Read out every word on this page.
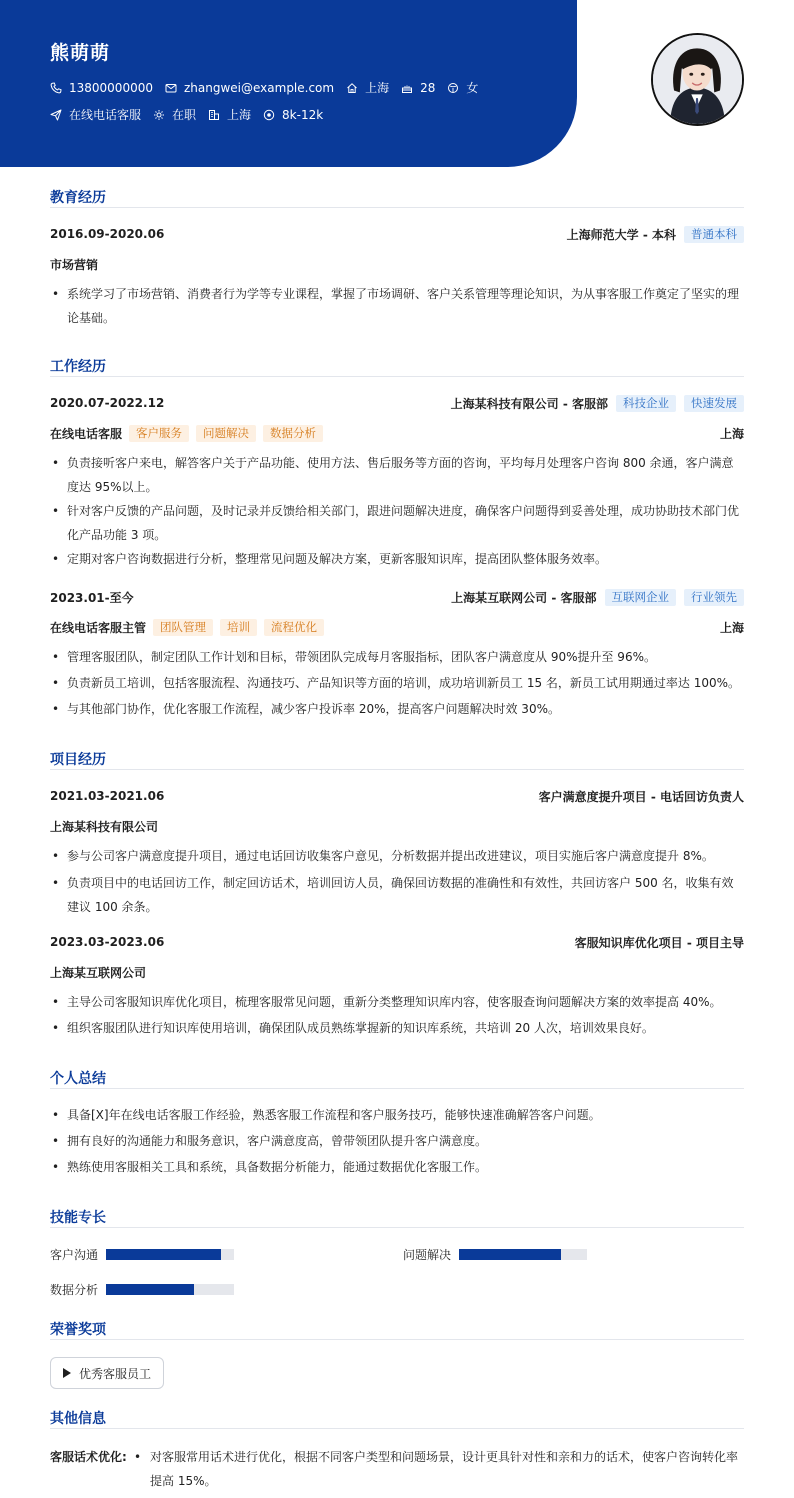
熊萌萌
13800000000	zhangwei@example.com	上海	28	女
在线电话客服	在职	上海	8k-12k
教育经历
2016.09-2020.06	上海师范大学 - 本科	普通本科
市场营销
• 系统学习了市场营销、消费者行为学等专业课程，掌握了市场调研、客户关系管理等理论知识，为从事客服工作奠定了坚实的理论基础。
工作经历
2020.07-2022.12	上海某科技有限公司 - 客服部	科技企业	快速发展
在线电话客服	客户服务	问题解决	数据分析	上海
• 负责接听客户来电，解答客户关于产品功能、使用方法、售后服务等方面的咨询，平均每月处理客户咨询 800 余通，客户满意度达 95%以上。
• 针对客户反馈的产品问题，及时记录并反馈给相关部门，跟进问题解决进度，确保客户问题得到妥善处理，成功协助技术部门优化产品功能 3 项。
• 定期对客户咨询数据进行分析，整理常见问题及解决方案，更新客服知识库，提高团队整体服务效率。
2023.01-至今	上海某互联网公司 - 客服部	互联网企业	行业领先
在线电话客服主管	团队管理	培训	流程优化	上海
• 管理客服团队，制定团队工作计划和目标，带领团队完成每月客服指标，团队客户满意度从 90%提升至 96%。
• 负责新员工培训，包括客服流程、沟通技巧、产品知识等方面的培训，成功培训新员工 15 名，新员工试用期通过率达 100%。
• 与其他部门协作，优化客服工作流程，减少客户投诉率 20%，提高客户问题解决时效 30%。
项目经历
2021.03-2021.06	客户满意度提升项目 - 电话回访负责人
上海某科技有限公司
• 参与公司客户满意度提升项目，通过电话回访收集客户意见，分析数据并提出改进建议，项目实施后客户满意度提升 8%。
• 负责项目中的电话回访工作，制定回访话术，培训回访人员，确保回访数据的准确性和有效性，共回访客户 500 名，收集有效建议 100 余条。
2023.03-2023.06	客服知识库优化项目 - 项目主导
上海某互联网公司
• 主导公司客服知识库优化项目，梳理客服常见问题，重新分类整理知识库内容，使客服查询问题解决方案的效率提高 40%。
• 组织客服团队进行知识库使用培训，确保团队成员熟练掌握新的知识库系统，共培训 20 人次，培训效果良好。
个人总结
• 具备[X]年在线电话客服工作经验，熟悉客服工作流程和客户服务技巧，能够快速准确解答客户问题。
• 拥有良好的沟通能力和服务意识，客户满意度高，曾带领团队提升客户满意度。
• 熟练使用客服相关工具和系统，具备数据分析能力，能通过数据优化客服工作。
技能专长
客户沟通	问题解决
数据分析
荣誉奖项
优秀客服员工
其他信息
客服话术优化:
•	对客服常用话术进行优化，根据不同客户类型和问题场景，设计更具针对性和亲和力的话术，使客户咨询转化率提高 15%。
